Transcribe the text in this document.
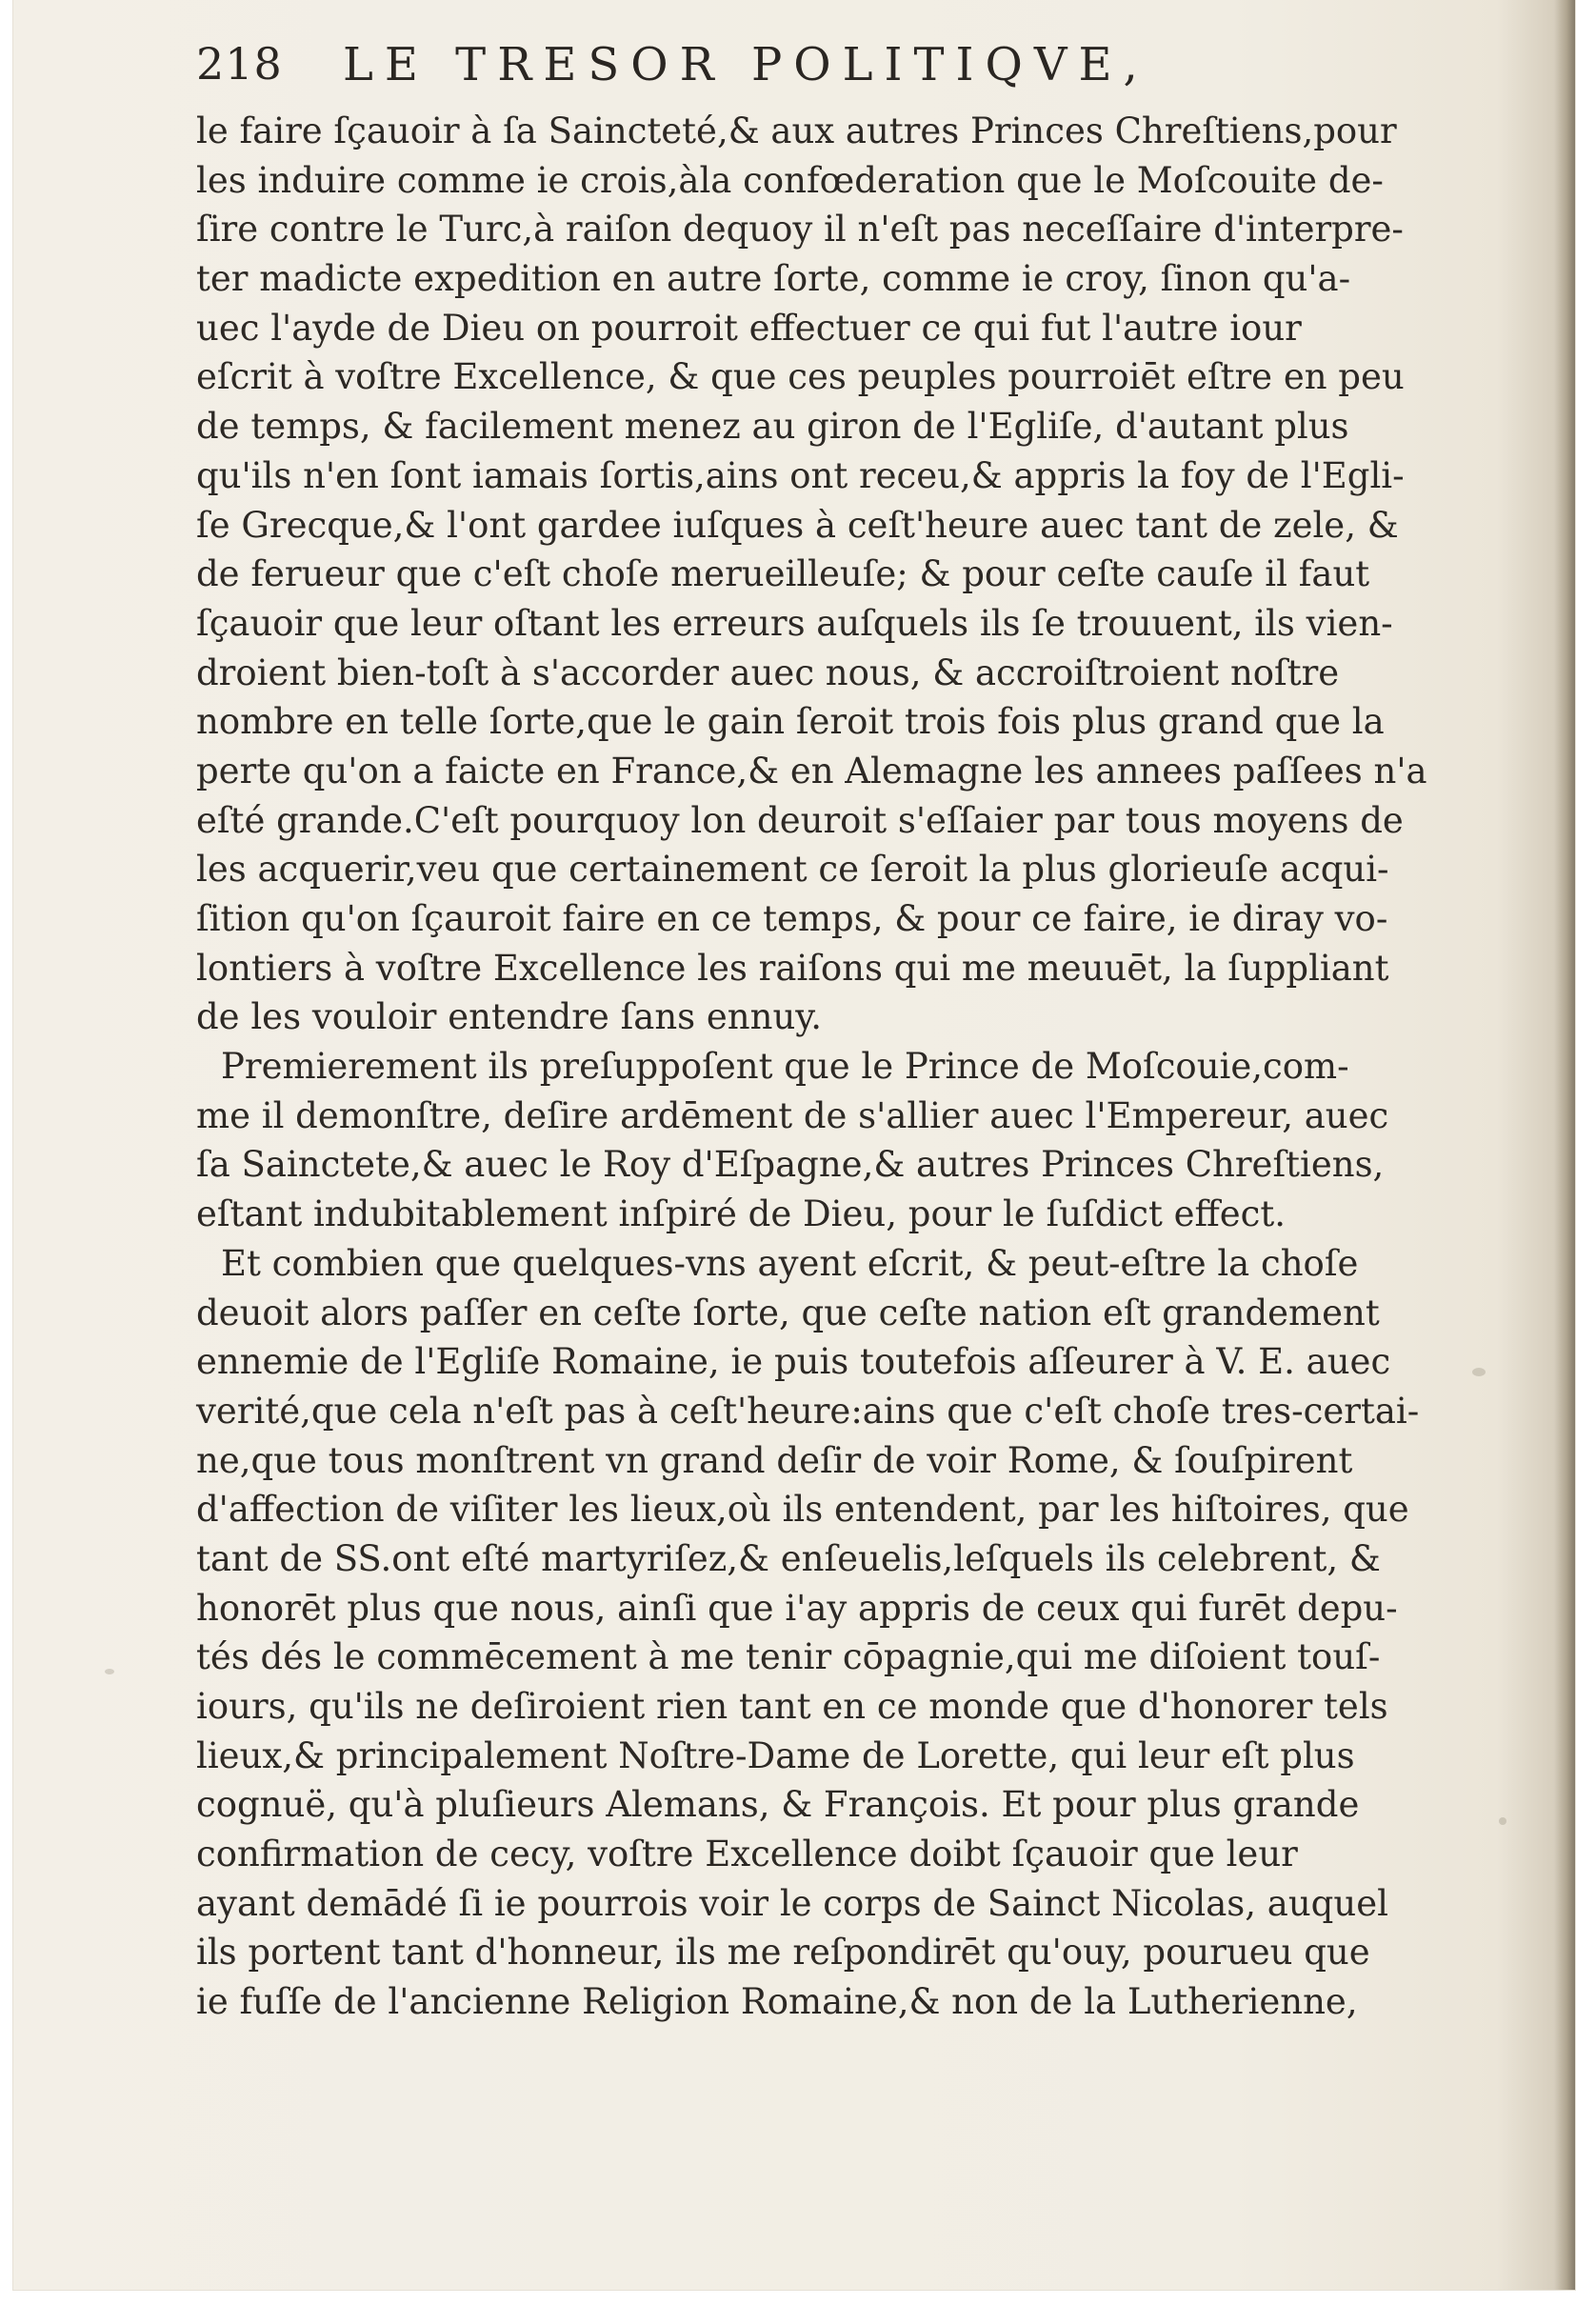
218 LE TRESOR POLITIQVE,
le faire ſçauoir à ſa Saincteté,& aux autres Princes Chreſtiens,pour
les induire comme ie crois,àla confœderation que le Moſcouite de-
ſire contre le Turc,à raiſon dequoy il n'eſt pas neceſſaire d'interpre-
ter madicte expedition en autre ſorte, comme ie croy, ſinon qu'a-
uec l'ayde de Dieu on pourroit effectuer ce qui fut l'autre iour
eſcrit à voſtre Excellence, & que ces peuples pourroiēt eſtre en peu
de temps, & facilement menez au giron de l'Egliſe, d'autant plus
qu'ils n'en ſont iamais ſortis,ains ont receu,& appris la foy de l'Egli-
ſe Grecque,& l'ont gardee iuſques à ceſt'heure auec tant de zele, &
de ferueur que c'eſt choſe merueilleuſe; & pour ceſte cauſe il faut
ſçauoir que leur oſtant les erreurs auſquels ils ſe trouuent, ils vien-
droient bien-toſt à s'accorder auec nous, & accroiſtroient noſtre
nombre en telle ſorte,que le gain ſeroit trois fois plus grand que la
perte qu'on a faicte en France,& en Alemagne les annees paſſees n'a
eſté grande.C'eſt pourquoy lon deuroit s'eſſaier par tous moyens de
les acquerir,veu que certainement ce ſeroit la plus glorieuſe acqui-
ſition qu'on ſçauroit faire en ce temps, & pour ce faire, ie diray vo-
lontiers à voſtre Excellence les raiſons qui me meuuēt, la ſuppliant
de les vouloir entendre ſans ennuy.
Premierement ils preſuppoſent que le Prince de Moſcouie,com-
me il demonſtre, deſire ardēment de s'allier auec l'Empereur, auec
ſa Sainctete,& auec le Roy d'Eſpagne,& autres Princes Chreſtiens,
eſtant indubitablement inſpiré de Dieu, pour le ſuſdict effect.
Et combien que quelques-vns ayent eſcrit, & peut-eſtre la choſe
deuoit alors paſſer en ceſte ſorte, que ceſte nation eſt grandement
ennemie de l'Egliſe Romaine, ie puis toutefois aſſeurer à V. E. auec
verité,que cela n'eſt pas à ceſt'heure:ains que c'eſt choſe tres-certai-
ne,que tous monſtrent vn grand deſir de voir Rome, & ſouſpirent
d'affection de viſiter les lieux,où ils entendent, par les hiſtoires, que
tant de SS.ont eſté martyriſez,& enſeuelis,leſquels ils celebrent, &
honorēt plus que nous, ainſi que i'ay appris de ceux qui furēt depu-
tés dés le commēcement à me tenir cōpagnie,qui me diſoient touſ-
iours, qu'ils ne deſiroient rien tant en ce monde que d'honorer tels
lieux,& principalement Noſtre-Dame de Lorette, qui leur eſt plus
cognuë, qu'à pluſieurs Alemans, & François. Et pour plus grande
confirmation de cecy, voſtre Excellence doibt ſçauoir que leur
ayant demādé ſi ie pourrois voir le corps de Sainct Nicolas, auquel
ils portent tant d'honneur, ils me reſpondirēt qu'ouy, pourueu que
ie fuſſe de l'ancienne Religion Romaine,& non de la Lutherienne,
